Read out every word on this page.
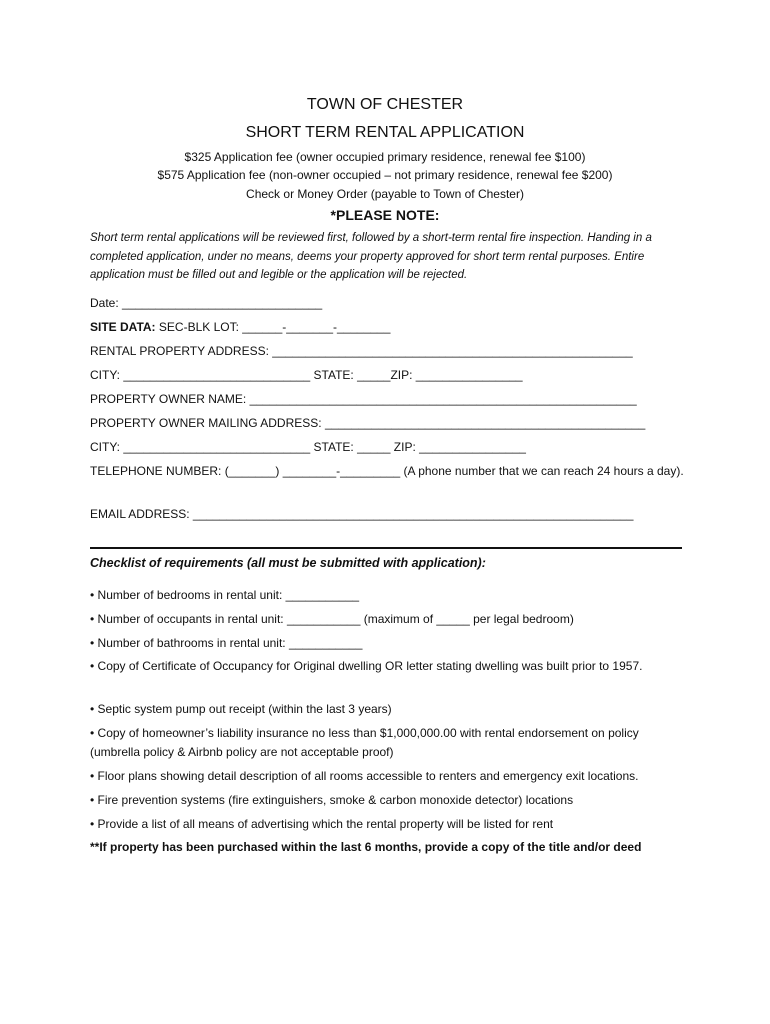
TOWN OF CHESTER
SHORT TERM RENTAL APPLICATION
$325 Application fee (owner occupied primary residence, renewal fee $100)
$575 Application fee (non-owner occupied – not primary residence, renewal fee $200)
Check or Money Order (payable to Town of Chester)
*PLEASE NOTE:
Short term rental applications will be reviewed first, followed by a short-term rental fire inspection. Handing in a completed application, under no means, deems your property approved for short term rental purposes. Entire application must be filled out and legible or the application will be rejected.
Date: ______________________________
SITE DATA: SEC-BLK LOT: ______-_______-________
RENTAL PROPERTY ADDRESS: ______________________________________________________
CITY: ____________________________ STATE: _____ZIP: ________________
PROPERTY OWNER NAME: __________________________________________________________
PROPERTY OWNER MAILING ADDRESS: ________________________________________________
CITY: ____________________________ STATE: _____ ZIP: ________________
TELEPHONE NUMBER: (_______) ________-_________ (A phone number that we can reach 24 hours a day).
EMAIL ADDRESS: __________________________________________________________________
Checklist of requirements (all must be submitted with application):
• Number of bedrooms in rental unit: ___________
• Number of occupants in rental unit: ___________ (maximum of _____ per legal bedroom)
• Number of bathrooms in rental unit: ___________
• Copy of Certificate of Occupancy for Original dwelling OR letter stating dwelling was built prior to 1957.
• Septic system pump out receipt (within the last 3 years)
• Copy of homeowner’s liability insurance no less than $1,000,000.00 with rental endorsement on policy (umbrella policy & Airbnb policy are not acceptable proof)
• Floor plans showing detail description of all rooms accessible to renters and emergency exit locations.
• Fire prevention systems (fire extinguishers, smoke & carbon monoxide detector) locations
• Provide a list of all means of advertising which the rental property will be listed for rent
**If property has been purchased within the last 6 months, provide a copy of the title and/or deed
